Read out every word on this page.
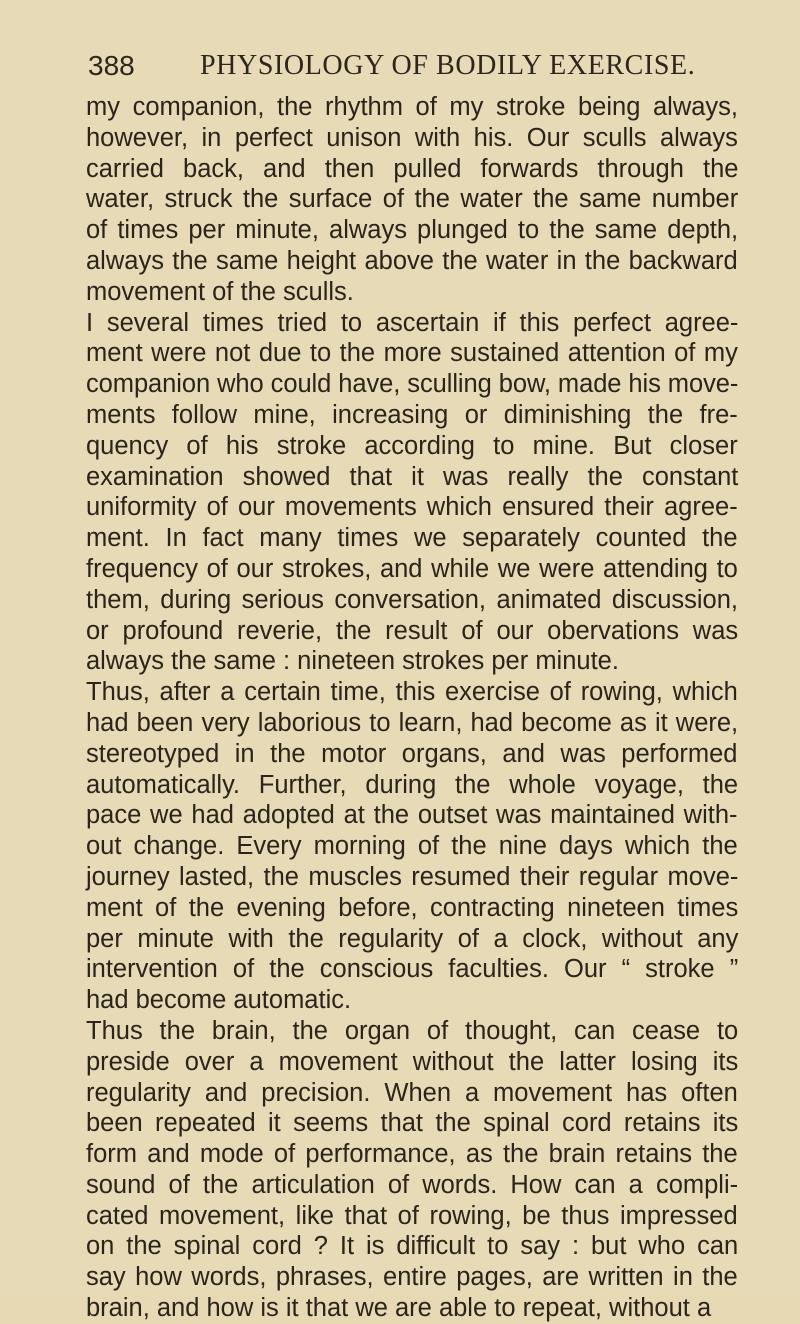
388 PHYSIOLOGY OF BODILY EXERCISE.
my companion, the rhythm of my stroke being always,
however, in perfect unison with his. Our sculls always
carried back, and then pulled forwards through the
water, struck the surface of the water the same number
of times per minute, always plunged to the same depth,
always the same height above the water in the backward
movement of the sculls.
I several times tried to ascertain if this perfect agree-
ment were not due to the more sustained attention of my
companion who could have, sculling bow, made his move-
ments follow mine, increasing or diminishing the fre-
quency of his stroke according to mine. But closer
examination showed that it was really the constant
uniformity of our movements which ensured their agree-
ment. In fact many times we separately counted the
frequency of our strokes, and while we were attending to
them, during serious conversation, animated discussion,
or profound reverie, the result of our obervations was
always the same : nineteen strokes per minute.
Thus, after a certain time, this exercise of rowing, which
had been very laborious to learn, had become as it were,
stereotyped in the motor organs, and was performed
automatically. Further, during the whole voyage, the
pace we had adopted at the outset was maintained with-
out change. Every morning of the nine days which the
journey lasted, the muscles resumed their regular move-
ment of the evening before, contracting nineteen times
per minute with the regularity of a clock, without any
intervention of the conscious faculties. Our “ stroke ”
had become automatic.
Thus the brain, the organ of thought, can cease to
preside over a movement without the latter losing its
regularity and precision. When a movement has often
been repeated it seems that the spinal cord retains its
form and mode of performance, as the brain retains the
sound of the articulation of words. How can a compli-
cated movement, like that of rowing, be thus impressed
on the spinal cord ? It is difficult to say : but who can
say how words, phrases, entire pages, are written in the
brain, and how is it that we are able to repeat, without a
